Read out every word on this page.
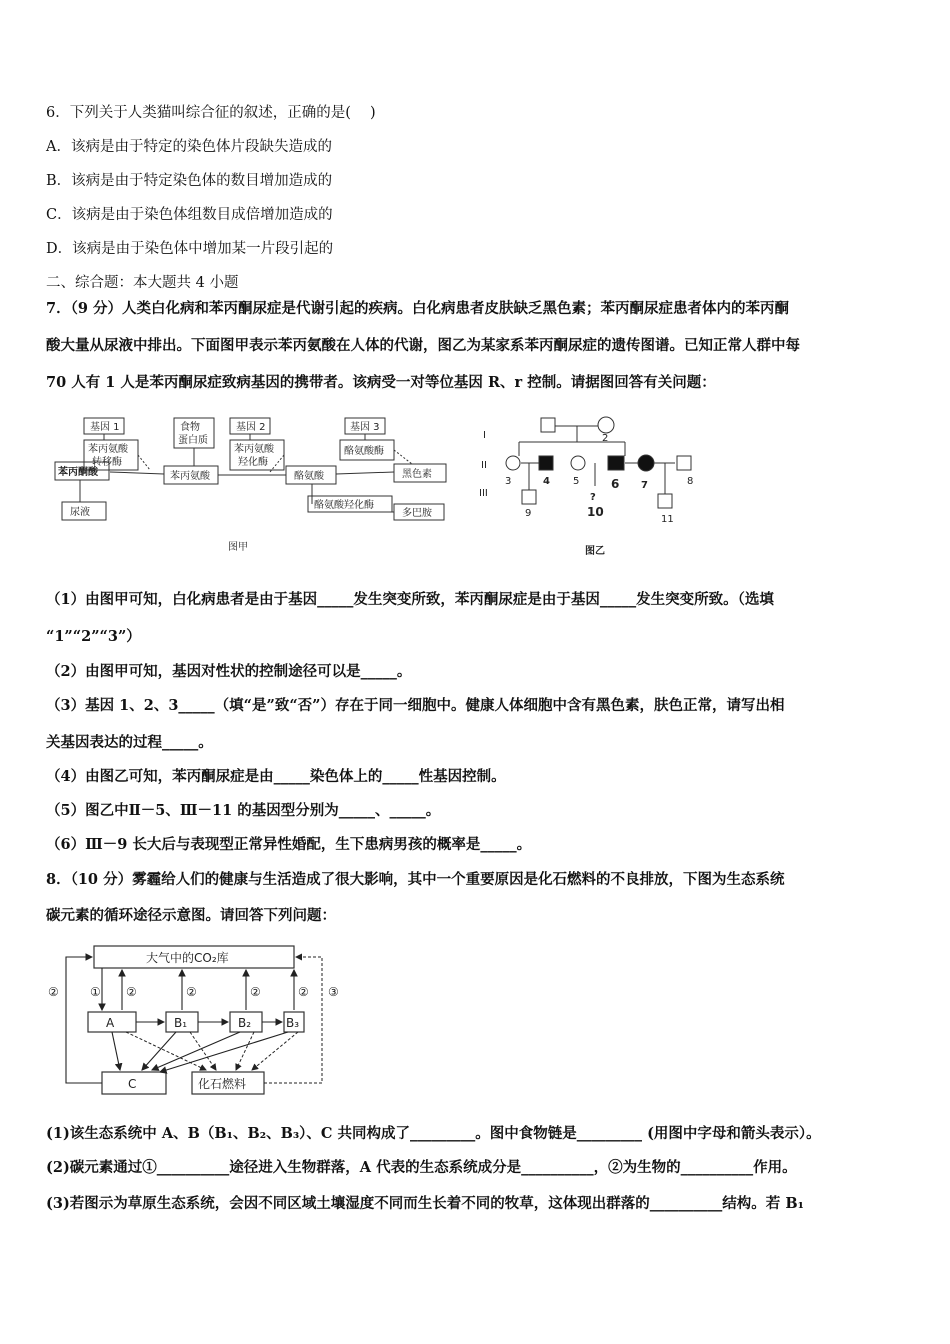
6．下列关于人类猫叫综合征的叙述，正确的是(　 )
A．该病是由于特定的染色体片段缺失造成的
B．该病是由于特定染色体的数目增加造成的
C．该病是由于染色体组数目成倍增加造成的
D．该病是由于染色体中增加某一片段引起的
二、综合题：本大题共 4 小题
7．（9 分）人类白化病和苯丙酮尿症是代谢引起的疾病。白化病患者皮肤缺乏黑色素；苯丙酮尿症患者体内的苯丙酮
酸大量从尿液中排出。下面图甲表示苯丙氨酸在人体的代谢，图乙为某家系苯丙酮尿症的遗传图谱。已知正常人群中每
70 人有 1 人是苯丙酮尿症致病基因的携带者。该病受一对等位基因 R、r 控制。请据图回答有关问题：
基因 1	食物
蛋白质
基因 2	基因 3
苯丙氨酸
转移酶
苯丙氨酸
羟化酶
酪氨酸酶
苯丙酮酸	苯丙氨酸	酪氨酸	黑色素
尿液
酪氨酸羟化酶
多巴胺
图甲
I
II
III
2
3	4 5	6 7	8
9
?
10
11
图乙
（1）由图甲可知，白化病患者是由于基因_____发生突变所致，苯丙酮尿症是由于基因_____发生突变所致。（选填
“1”“2”“3”）
（2）由图甲可知，基因对性状的控制途径可以是_____。
（3）基因 1、2、3_____（填“是”致“否”）存在于同一细胞中。健康人体细胞中含有黑色素，肤色正常，请写出相
关基因表达的过程_____。
（4）由图乙可知，苯丙酮尿症是由_____染色体上的_____性基因控制。
（5）图乙中Ⅱ－5、Ⅲ－11 的基因型分别为_____、_____。
（6）Ⅲ－9 长大后与表现型正常异性婚配，生下患病男孩的概率是_____。
8．（10 分）雾霾给人们的健康与生活造成了很大影响，其中一个重要原因是化石燃料的不良排放，下图为生态系统
碳元素的循环途径示意图。请回答下列问题：
大气中的CO₂库
A	B₁	B₂	B₃
C	化石燃料
②	① ②	②	②	② ③
(1)该生态系统中 A、B（B₁、B₂、B₃）、C 共同构成了_________。图中食物链是_________ (用图中字母和箭头表示）。
(2)碳元素通过①__________途径进入生物群落，A 代表的生态系统成分是__________，②为生物的__________作用。
(3)若图示为草原生态系统，会因不同区域土壤湿度不同而生长着不同的牧草，这体现出群落的__________结构。若 B₁
